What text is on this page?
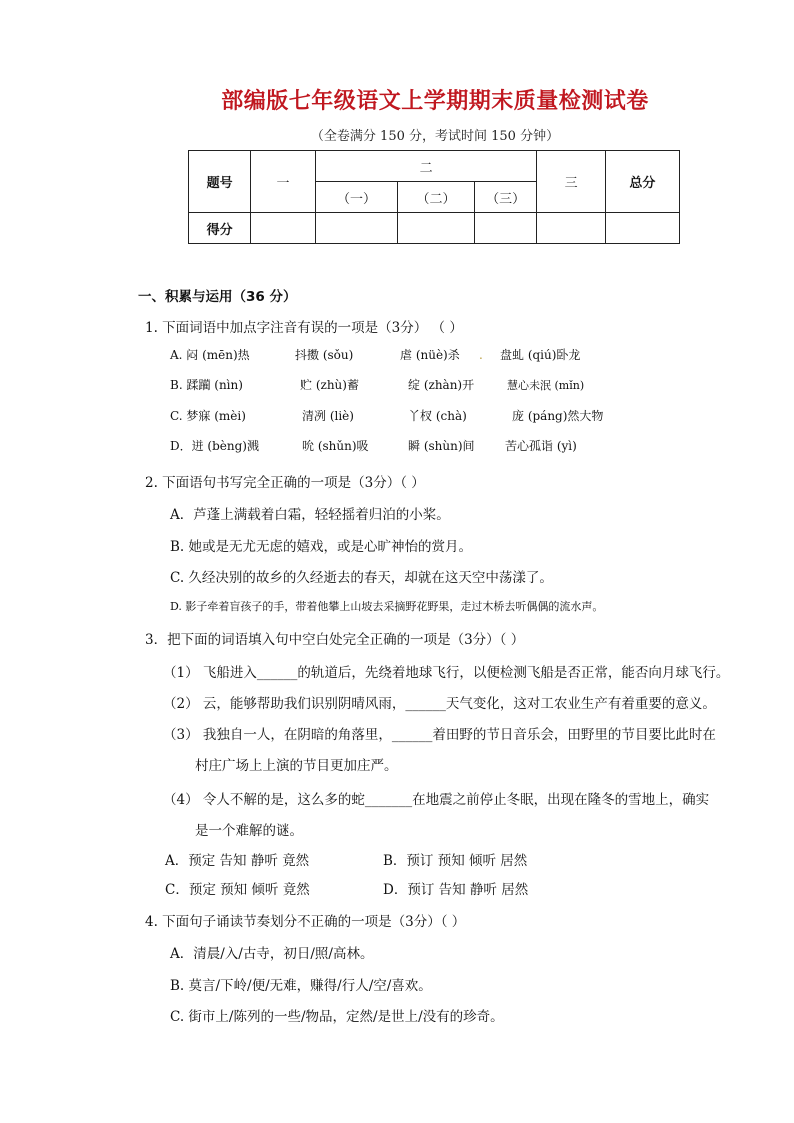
部编版七年级语文上学期期末质量检测试卷
（全卷满分 150 分，考试时间 150 分钟）
题号	一	二			三	总分
		（一）	（二）	（三）		
得分						
一、积累与运用（36 分）
1. 下面词语中加点字注音有误的一项是（3分） （ ）
A. 闷 (mēn)热	抖擞 (sǒu)	虐 (nüè)杀 . 盘虬 (qiú)卧龙
B. 蹂躏 (nìn)	贮 (zhù)蓄	绽 (zhàn)开	慧心未泯 (mǐn)
C. 梦寐 (mèi)	清冽 (liè)	丫杈 (chà)	庞 (páng)然大物
D．迸 (bèng)溅	吮 (shǔn)吸	瞬 (shùn)间	苦心孤诣 (yì)
2. 下面语句书写完全正确的一项是（3分）（ ）
A．芦蓬上满载着白霜，轻轻摇着归泊的小桨。
B. 她或是无尤无虑的嬉戏，或是心旷神怡的赏月。
C. 久经决别的故乡的久经逝去的春天，却就在这天空中荡漾了。
D. 影子牵着盲孩子的手，带着他攀上山坡去采摘野花野果，走过木桥去听偶偶的流水声。
3．把下面的词语填入句中空白处完全正确的一项是（3分）（ ）
（1） 飞船进入______的轨道后，先绕着地球飞行，以便检测飞船是否正常，能否向月球飞行。
（2） 云，能够帮助我们识别阴晴风雨，______天气变化，这对工农业生产有着重要的意义。
（3） 我独自一人，在阴暗的角落里，______着田野的节日音乐会，田野里的节目要比此时在
村庄广场上上演的节目更加庄严。
（4） 令人不解的是，这么多的蛇_______在地震之前停止冬眠，出现在隆冬的雪地上，确实
是一个难解的谜。
A．预定 告知 静听 竟然	B．预订 预知 倾听 居然
C．预定 预知 倾听 竟然	D．预订 告知 静听 居然
4. 下面句子诵读节奏划分不正确的一项是（3分）（ ）
A．清晨/入/古寺，初日/照/高林。
B. 莫言/下岭/便/无难，赚得/行人/空/喜欢。
C. 街市上/陈列的一些/物品，定然/是世上/没有的珍奇。
